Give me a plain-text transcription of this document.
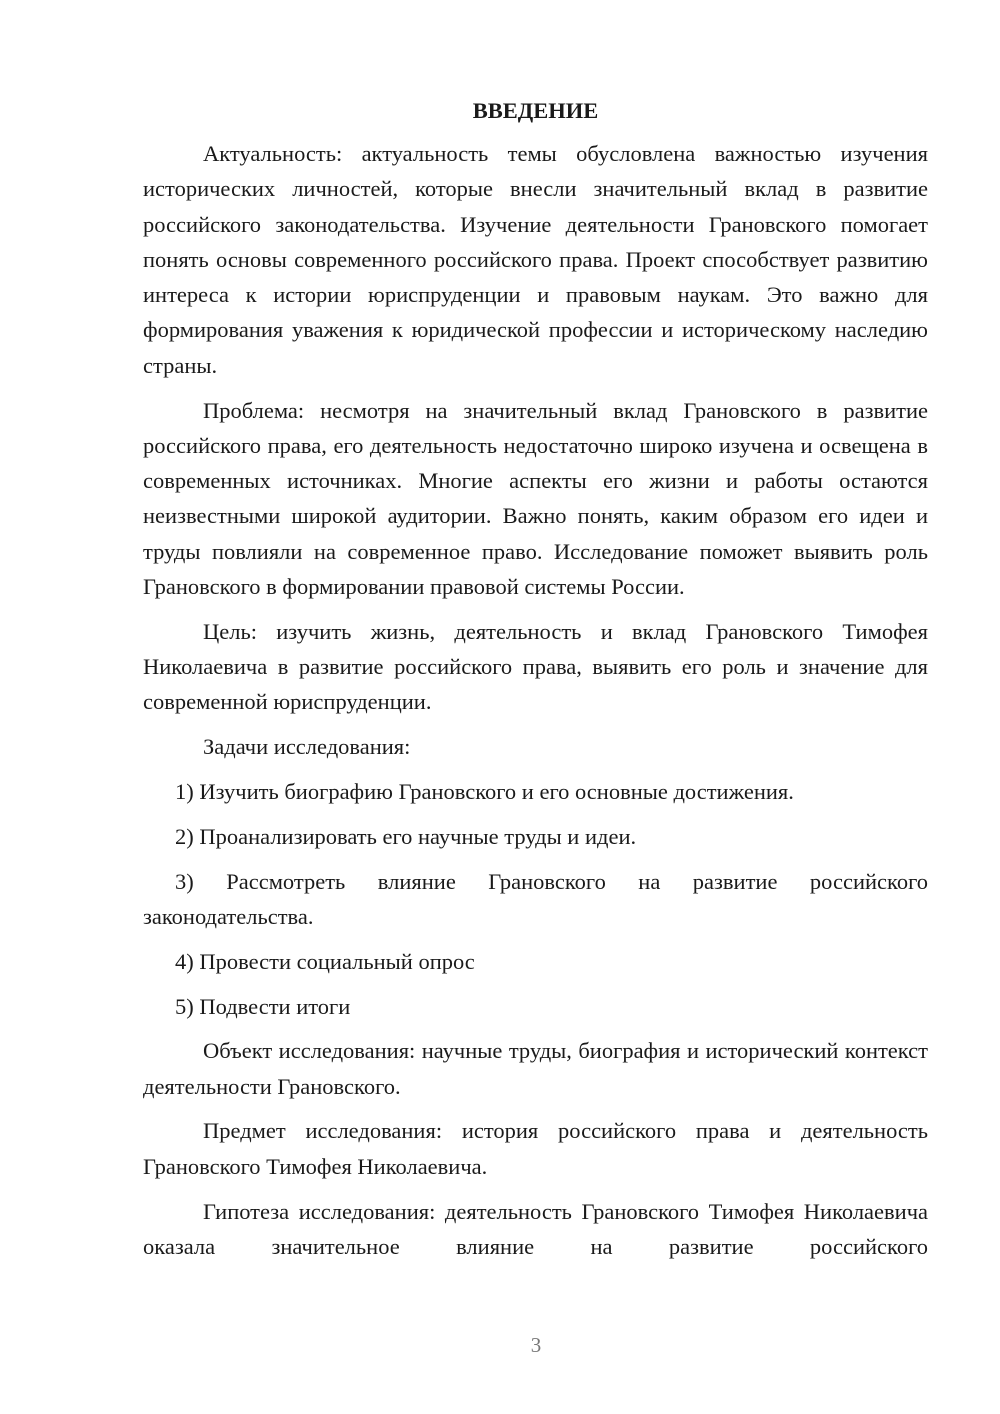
ВВЕДЕНИЕ

Актуальность: актуальность темы обусловлена важностью изучения исторических личностей, которые внесли значительный вклад в развитие российского законодательства. Изучение деятельности Грановского помогает понять основы современного российского права. Проект способствует развитию интереса к истории юриспруденции и правовым наукам. Это важно для формирования уважения к юридической профессии и историческому наследию страны.

Проблема: несмотря на значительный вклад Грановского в развитие российского права, его деятельность недостаточно широко изучена и освещена в современных источниках. Многие аспекты его жизни и работы остаются неизвестными широкой аудитории. Важно понять, каким образом его идеи и труды повлияли на современное право. Исследование поможет выявить роль Грановского в формировании правовой системы России.

Цель: изучить жизнь, деятельность и вклад Грановского Тимофея Николаевича в развитие российского права, выявить его роль и значение для современной юриспруденции.

Задачи исследования:

1) Изучить биографию Грановского и его основные достижения.

2) Проанализировать его научные труды и идеи.

3) Рассмотреть влияние Грановского на развитие российского законодательства.

4) Провести социальный опрос

5) Подвести итоги

Объект исследования: научные труды, биография и исторический контекст деятельности Грановского.

Предмет исследования: история российского права и деятельность Грановского Тимофея Николаевича.

Гипотеза исследования: деятельность Грановского Тимофея Николаевича оказала значительное влияние на развитие российского

3
